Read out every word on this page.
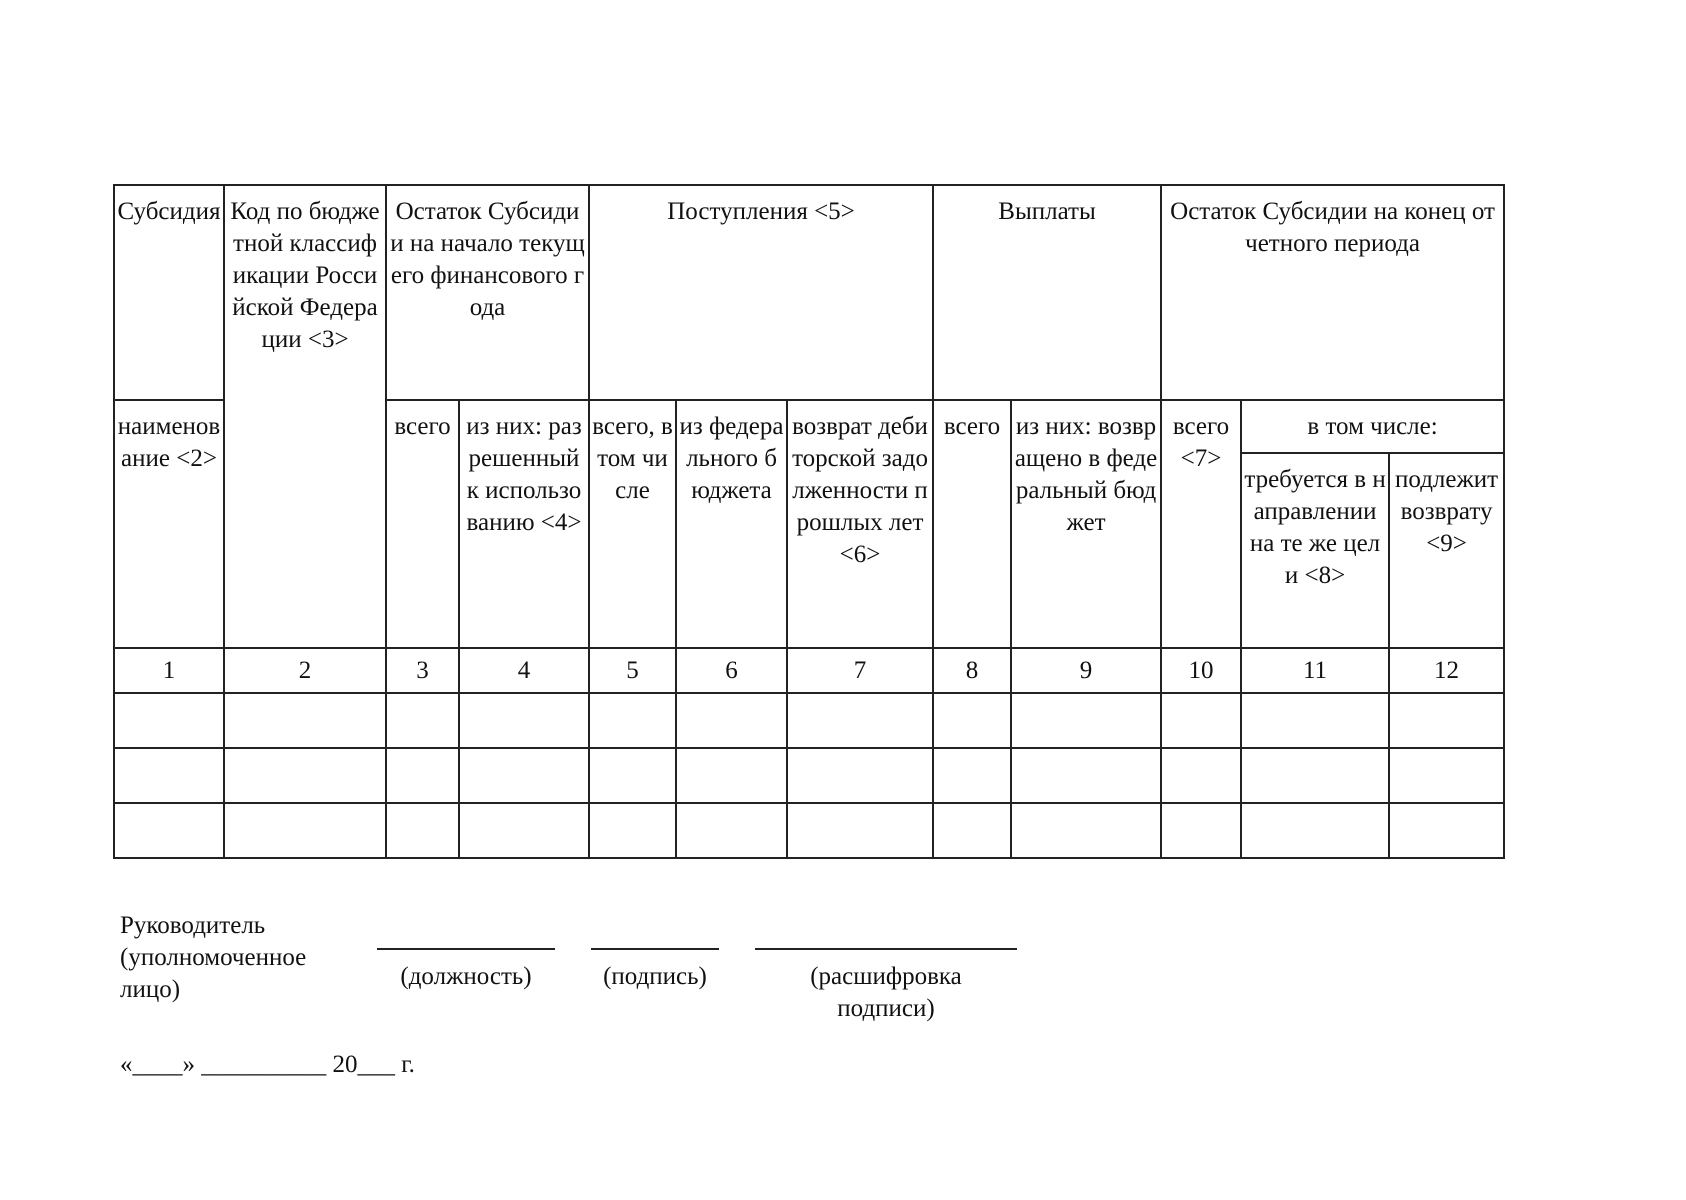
Субсидия	Код по бюджетной классификации Российской Федерации <3>	Остаток Субсидии на начало текущего финансового года		Поступления <5>			Выплаты		Остаток Субсидии на конец отчетного периода		
наименование <2>		всего	из них: разрешенный к использованию <4>	всего, в том числе	из федерального бюджета	возврат дебиторской задолженности прошлых лет <6>	всего	из них: возвращено в федеральный бюджет	всего <7>	в том числе:	
										требуется в направлении на те же цели <8>	подлежит возврату <9>
1	2	3	4	5	6	7	8	9	10	11	12

Руководитель (уполномоченное лицо)	(должность)	(подпись)	(расшифровка подписи)
«____» __________ 20___ г.
